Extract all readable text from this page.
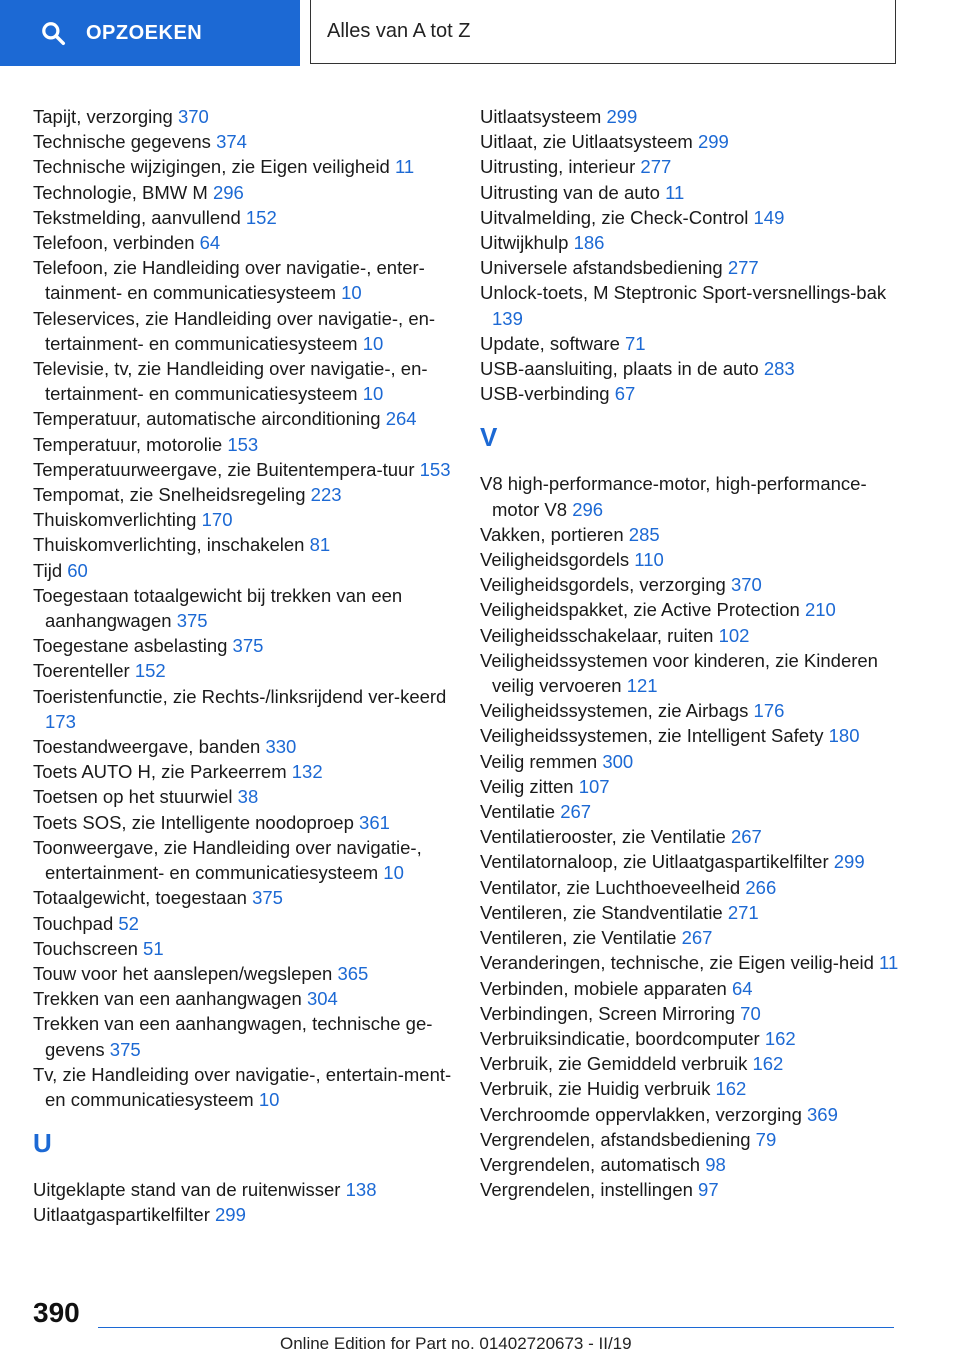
OPZOEKEN	Alles van A tot Z
Tapijt, verzorging 370
Technische gegevens 374
Technische wijzigingen, zie Eigen veiligheid 11
Technologie, BMW M 296
Tekstmelding, aanvullend 152
Telefoon, verbinden 64
Telefoon, zie Handleiding over navigatie-, enter-tainment- en communicatiesysteem 10
Teleservices, zie Handleiding over navigatie-, en-tertainment- en communicatiesysteem 10
Televisie, tv, zie Handleiding over navigatie-, en-tertainment- en communicatiesysteem 10
Temperatuur, automatische airconditioning 264
Temperatuur, motorolie 153
Temperatuurweergave, zie Buitentempera-tuur 153
Tempomat, zie Snelheidsregeling 223
Thuiskomverlichting 170
Thuiskomverlichting, inschakelen 81
Tijd 60
Toegestaan totaalgewicht bij trekken van een aanhangwagen 375
Toegestane asbelasting 375
Toerenteller 152
Toeristenfunctie, zie Rechts-/linksrijdend ver-keerd 173
Toestandweergave, banden 330
Toets AUTO H, zie Parkeerrem 132
Toetsen op het stuurwiel 38
Toets SOS, zie Intelligente noodoproep 361
Toonweergave, zie Handleiding over navigatie-, entertainment- en communicatiesysteem 10
Totaalgewicht, toegestaan 375
Touchpad 52
Touchscreen 51
Touw voor het aanslepen/wegslepen 365
Trekken van een aanhangwagen 304
Trekken van een aanhangwagen, technische ge-gevens 375
Tv, zie Handleiding over navigatie-, entertain-ment- en communicatiesysteem 10
U
Uitgeklapte stand van de ruitenwisser 138
Uitlaatgaspartikelfilter 299
Uitlaatsysteem 299
Uitlaat, zie Uitlaatsysteem 299
Uitrusting, interieur 277
Uitrusting van de auto 11
Uitvalmelding, zie Check-Control 149
Uitwijkhulp 186
Universele afstandsbediening 277
Unlock-toets, M Steptronic Sport-versnellings-bak 139
Update, software 71
USB-aansluiting, plaats in de auto 283
USB-verbinding 67
V
V8 high-performance-motor, high-performance-motor V8 296
Vakken, portieren 285
Veiligheidsgordels 110
Veiligheidsgordels, verzorging 370
Veiligheidspakket, zie Active Protection 210
Veiligheidsschakelaar, ruiten 102
Veiligheidssystemen voor kinderen, zie Kinderen veilig vervoeren 121
Veiligheidssystemen, zie Airbags 176
Veiligheidssystemen, zie Intelligent Safety 180
Veilig remmen 300
Veilig zitten 107
Ventilatie 267
Ventilatierooster, zie Ventilatie 267
Ventilatornaloop, zie Uitlaatgaspartikelfilter 299
Ventilator, zie Luchthoeveelheid 266
Ventileren, zie Standventilatie 271
Ventileren, zie Ventilatie 267
Veranderingen, technische, zie Eigen veilig-heid 11
Verbinden, mobiele apparaten 64
Verbindingen, Screen Mirroring 70
Verbruiksindicatie, boordcomputer 162
Verbruik, zie Gemiddeld verbruik 162
Verbruik, zie Huidig verbruik 162
Verchroomde oppervlakken, verzorging 369
Vergrendelen, afstandsbediening 79
Vergrendelen, automatisch 98
Vergrendelen, instellingen 97
390
Online Edition for Part no. 01402720673 - II/19
